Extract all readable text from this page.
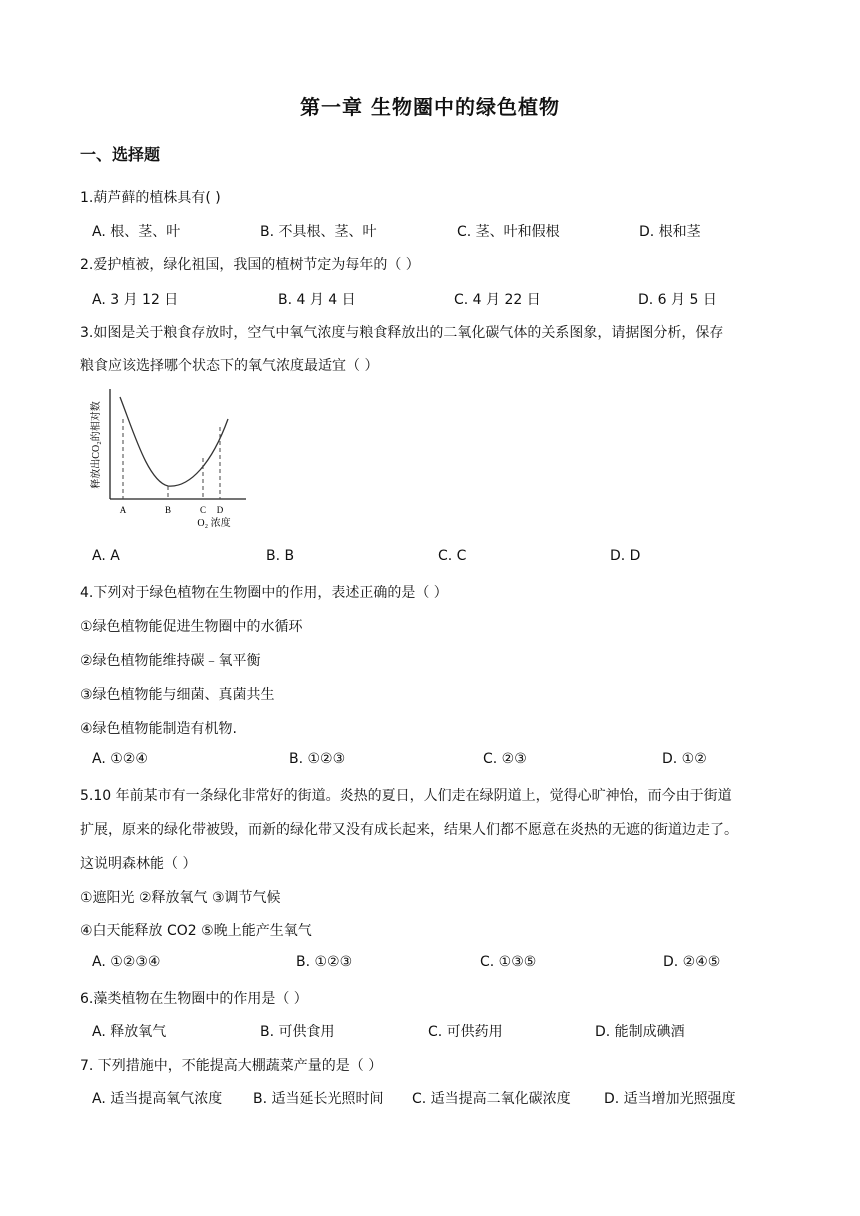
第一章 生物圈中的绿色植物
一、选择题
1.葫芦藓的植株具有( )
A. 根、茎、叶	B. 不具根、茎、叶	C. 茎、叶和假根	D. 根和茎
2.爱护植被，绿化祖国，我国的植树节定为每年的（ ）
A. 3 月 12 日	B. 4 月 4 日	C. 4 月 22 日	D. 6 月 5 日
3.如图是关于粮食存放时，空气中氧气浓度与粮食释放出的二氧化碳气体的关系图象，请据图分析，保存
粮食应该选择哪个状态下的氧气浓度最适宜（ ）
A	B	C D
O₂ 浓度
释放出CO₂的相对数
A. A	B. B	C. C	D. D
4.下列对于绿色植物在生物圈中的作用，表述正确的是（ ）
①绿色植物能促进生物圈中的水循环
②绿色植物能维持碳﹣氧平衡
③绿色植物能与细菌、真菌共生
④绿色植物能制造有机物.
A. ①②④	B. ①②③	C. ②③	D. ①②
5.10 年前某市有一条绿化非常好的街道。炎热的夏日，人们走在绿阴道上，觉得心旷神怡，而今由于街道
扩展，原来的绿化带被毁，而新的绿化带又没有成长起来，结果人们都不愿意在炎热的无遮的街道边走了。
这说明森林能（ ）
①遮阳光 ②释放氧气 ③调节气候
④白天能释放 CO2 ⑤晚上能产生氧气
A. ①②③④	B. ①②③	C. ①③⑤	D. ②④⑤
6.藻类植物在生物圈中的作用是（ ）
A. 释放氧气	B. 可供食用	C. 可供药用	D. 能制成碘酒
7. 下列措施中，不能提高大棚蔬菜产量的是（ ）
A. 适当提高氧气浓度 B. 适当延长光照时间 C. 适当提高二氧化碳浓度 D. 适当增加光照强度
